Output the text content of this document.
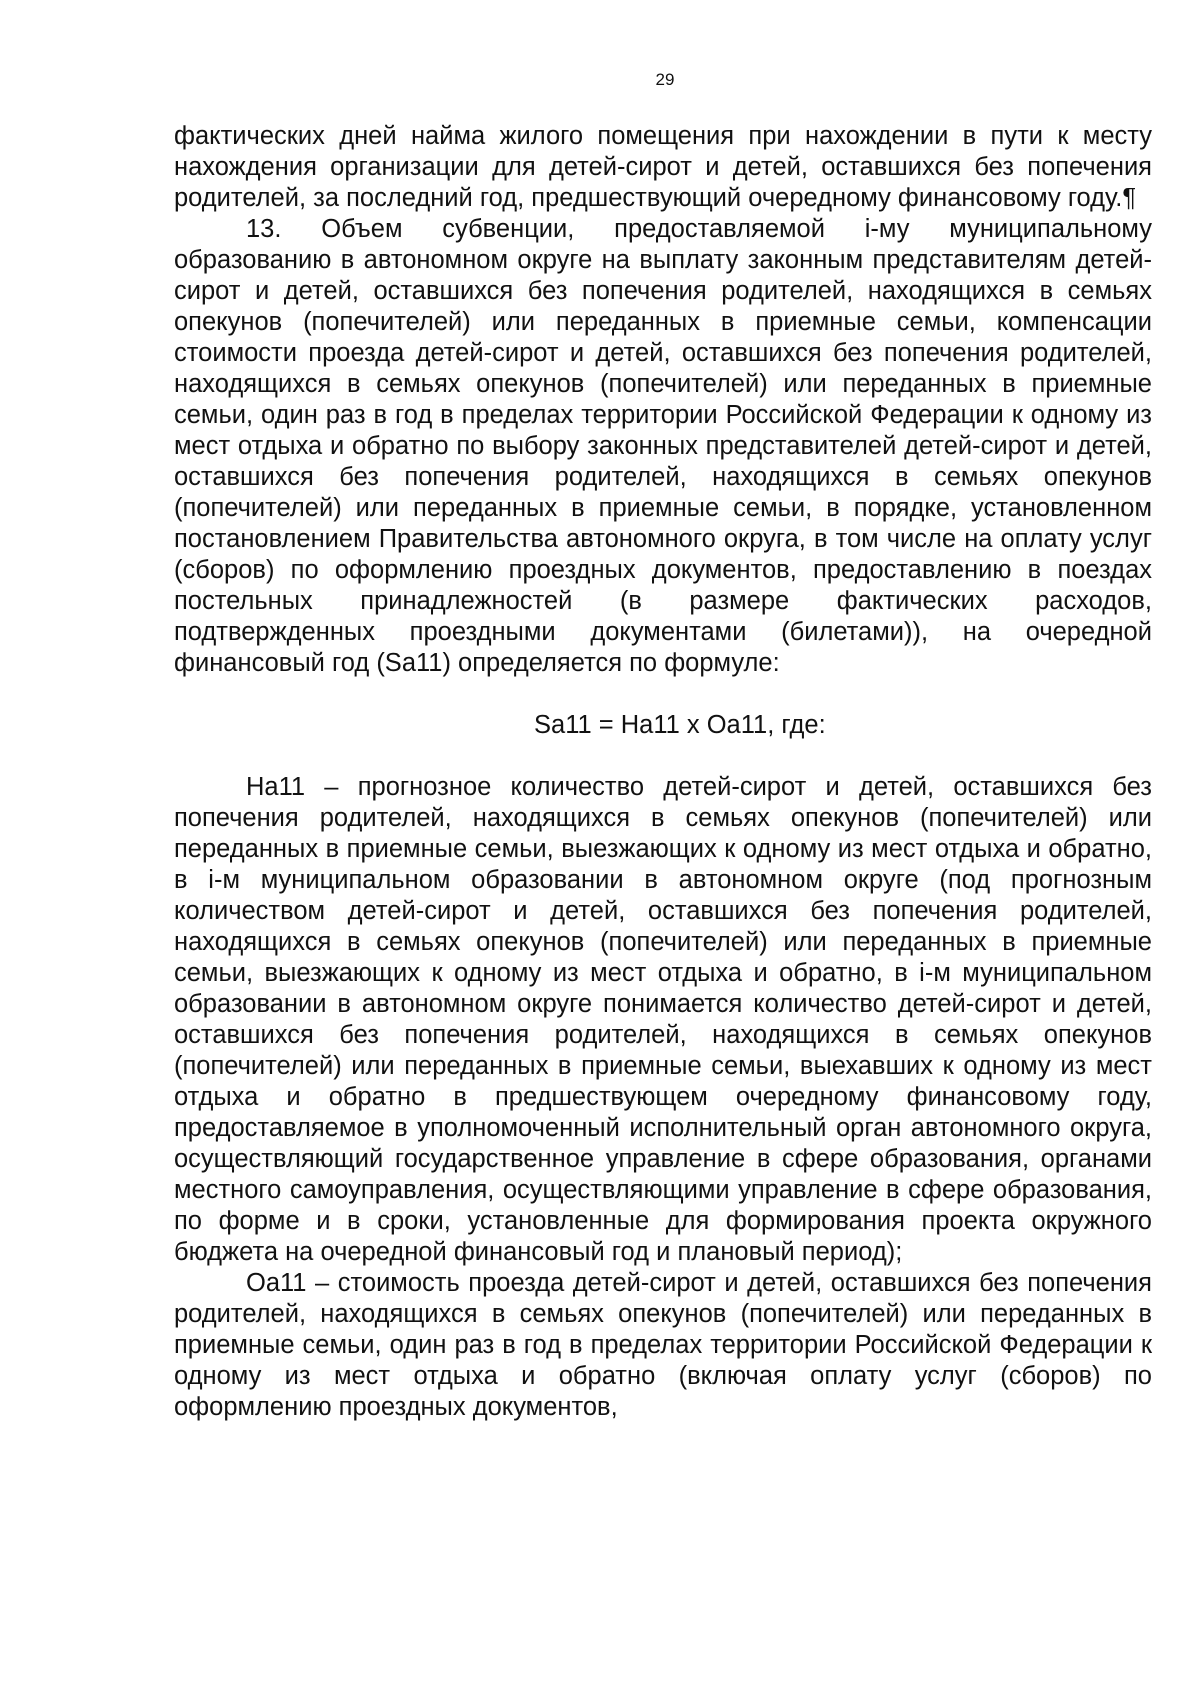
29

фактических дней найма жилого помещения при нахождении в пути к месту нахождения организации для детей-сирот и детей, оставшихся без попечения родителей, за последний год, предшествующий очередному финансовому году.¶

13. Объем субвенции, предоставляемой i-му муниципальному образованию в автономном округе на выплату законным представителям детей-сирот и детей, оставшихся без попечения родителей, находящихся в семьях опекунов (попечителей) или переданных в приемные семьи, компенсации стоимости проезда детей-сирот и детей, оставшихся без попечения родителей, находящихся в семьях опекунов (попечителей) или переданных в приемные семьи, один раз в год в пределах территории Российской Федерации к одному из мест отдыха и обратно по выбору законных представителей детей-сирот и детей, оставшихся без попечения родителей, находящихся в семьях опекунов (попечителей) или переданных в приемные семьи, в порядке, установленном постановлением Правительства автономного округа, в том числе на оплату услуг (сборов) по оформлению проездных документов, предоставлению в поездах постельных принадлежностей (в размере фактических расходов, подтвержденных проездными документами (билетами)), на очередной финансовый год (Sa11) определяется по формуле:

Sa11 = Ha11 x Oa11, где:

Ha11 – прогнозное количество детей-сирот и детей, оставшихся без попечения родителей, находящихся в семьях опекунов (попечителей) или переданных в приемные семьи, выезжающих к одному из мест отдыха и обратно, в i-м муниципальном образовании в автономном округе (под прогнозным количеством детей-сирот и детей, оставшихся без попечения родителей, находящихся в семьях опекунов (попечителей) или переданных в приемные семьи, выезжающих к одному из мест отдыха и обратно, в i-м муниципальном образовании в автономном округе понимается количество детей-сирот и детей, оставшихся без попечения родителей, находящихся в семьях опекунов (попечителей) или переданных в приемные семьи, выехавших к одному из мест отдыха и обратно в предшествующем очередному финансовому году, предоставляемое в уполномоченный исполнительный орган автономного округа, осуществляющий государственное управление в сфере образования, органами местного самоуправления, осуществляющими управление в сфере образования, по форме и в сроки, установленные для формирования проекта окружного бюджета на очередной финансовый год и плановый период);

Oa11 – стоимость проезда детей-сирот и детей, оставшихся без попечения родителей, находящихся в семьях опекунов (попечителей) или переданных в приемные семьи, один раз в год в пределах территории Российской Федерации к одному из мест отдыха и обратно (включая оплату услуг (сборов) по оформлению проездных документов,
